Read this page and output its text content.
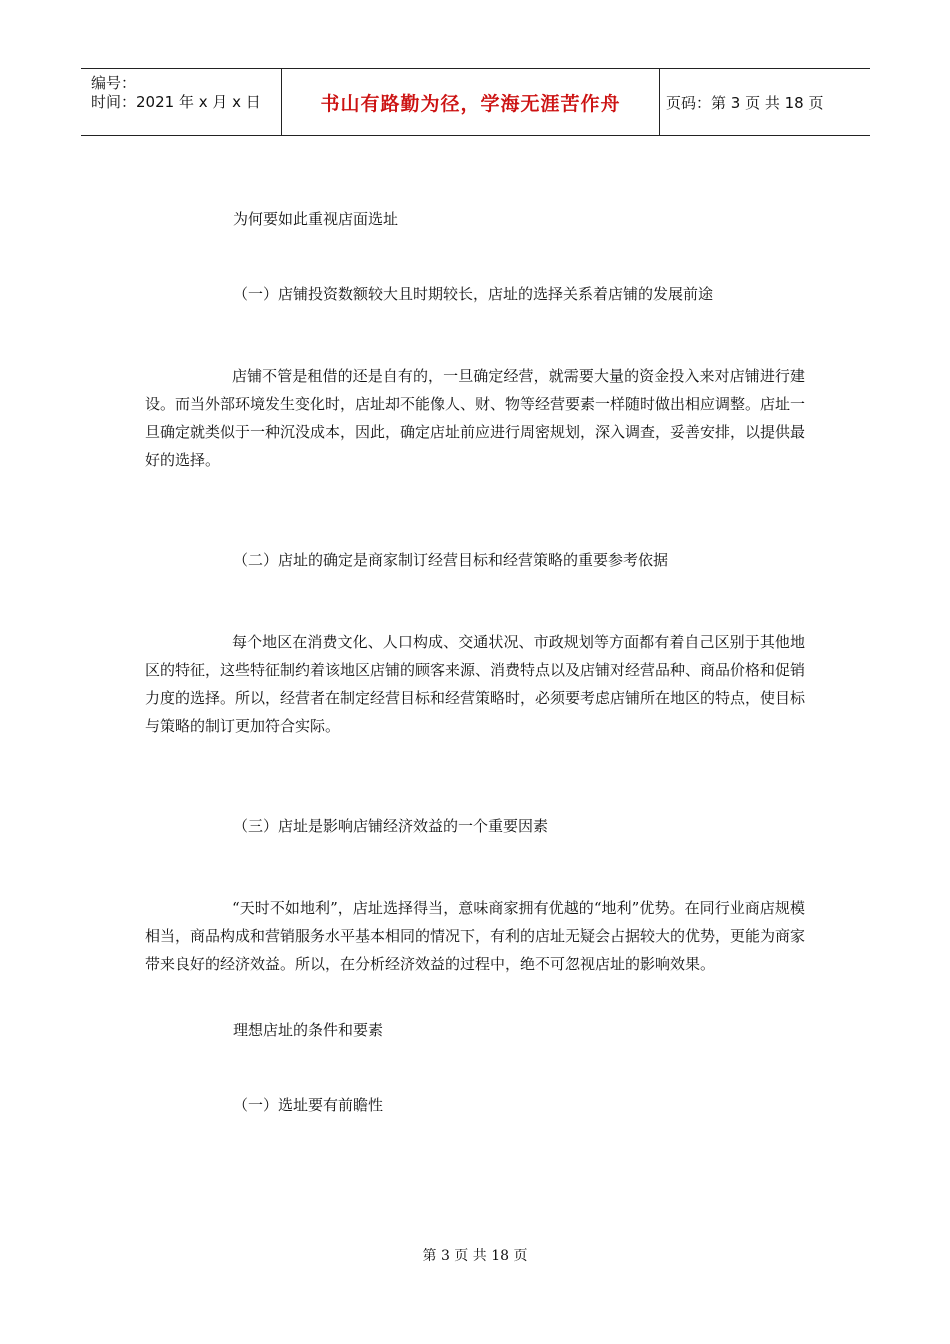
编号：
时间：2021 年 x 月 x 日	书山有路勤为径，学海无涯苦作舟	页码：第 3 页 共 18 页

为何要如此重视店面选址

（一）店铺投资数额较大且时期较长，店址的选择关系着店铺的发展前途

店铺不管是租借的还是自有的，一旦确定经营，就需要大量的资金投入来对店铺进行建设。而当外部环境发生变化时，店址却不能像人、财、物等经营要素一样随时做出相应调整。店址一旦确定就类似于一种沉没成本，因此，确定店址前应进行周密规划，深入调查，妥善安排，以提供最好的选择。

（二）店址的确定是商家制订经营目标和经营策略的重要参考依据

每个地区在消费文化、人口构成、交通状况、市政规划等方面都有着自己区别于其他地区的特征，这些特征制约着该地区店铺的顾客来源、消费特点以及店铺对经营品种、商品价格和促销力度的选择。所以，经营者在制定经营目标和经营策略时，必须要考虑店铺所在地区的特点，使目标与策略的制订更加符合实际。

（三）店址是影响店铺经济效益的一个重要因素

“天时不如地利”，店址选择得当，意味商家拥有优越的“地利”优势。在同行业商店规模相当，商品构成和营销服务水平基本相同的情况下，有利的店址无疑会占据较大的优势，更能为商家带来良好的经济效益。所以，在分析经济效益的过程中，绝不可忽视店址的影响效果。

理想店址的条件和要素

（一）选址要有前瞻性

第 3 页 共 18 页
